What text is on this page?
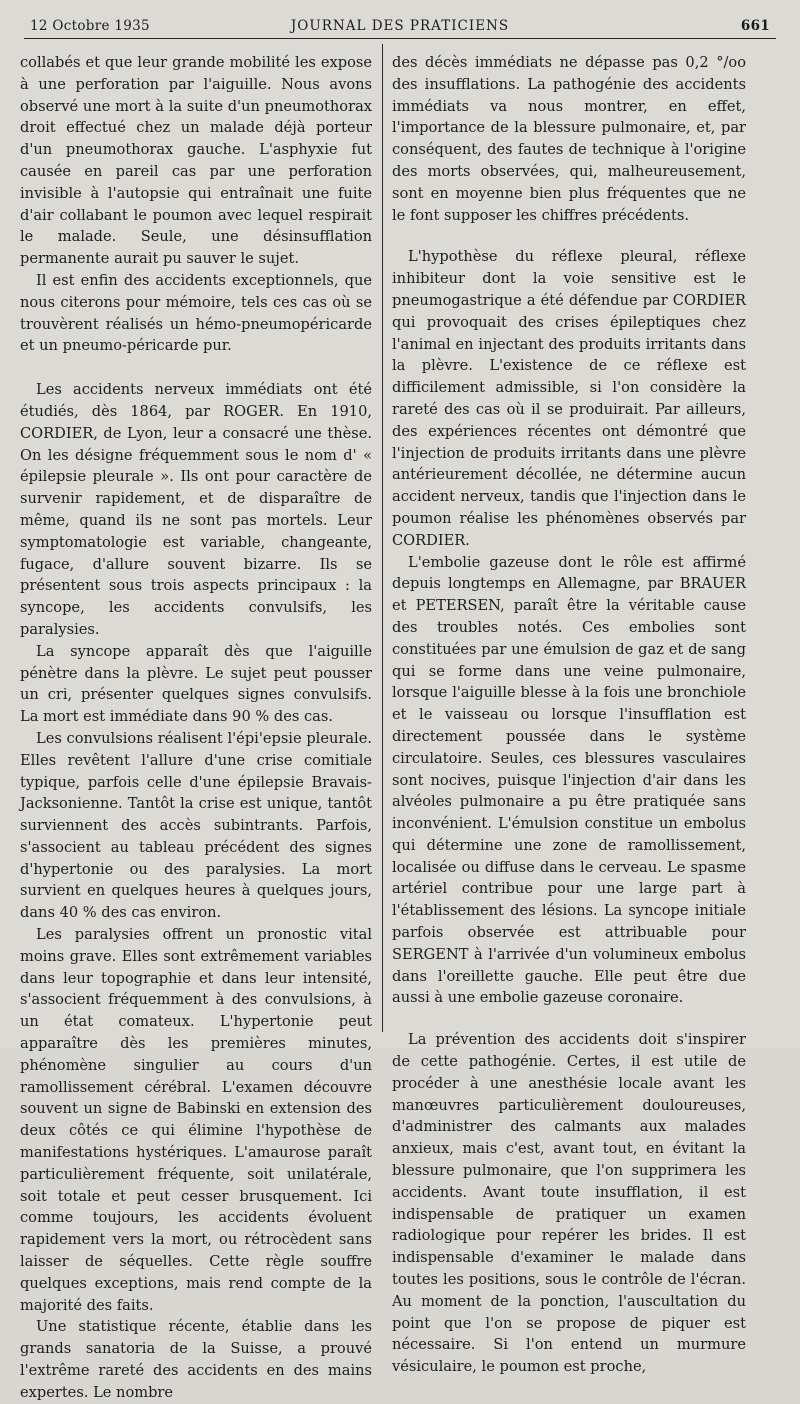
12 Octobre 1935	JOURNAL DES PRATICIENS	661

collabés et que leur grande mobilité les expose à une perforation par l'aiguille. Nous avons observé une mort à la suite d'un pneumothorax droit effectué chez un malade déjà porteur d'un pneumothorax gauche. L'asphyxie fut causée en pareil cas par une perforation invisible à l'autopsie qui entraînait une fuite d'air collabant le poumon avec lequel respirait le malade. Seule, une désinsufflation permanente aurait pu sauver le sujet.

Il est enfin des accidents exceptionnels, que nous citerons pour mémoire, tels ces cas où se trouvèrent réalisés un hémo-pneumopéricarde et un pneumo-péricarde pur.

Les accidents nerveux immédiats ont été étudiés, dès 1864, par ROGER. En 1910, CORDIER, de Lyon, leur a consacré une thèse. On les désigne fréquemment sous le nom d' « épilepsie pleurale ». Ils ont pour caractère de survenir rapidement, et de disparaître de même, quand ils ne sont pas mortels. Leur symptomatologie est variable, changeante, fugace, d'allure souvent bizarre. Ils se présentent sous trois aspects principaux : la syncope, les accidents convulsifs, les paralysies.

La syncope apparaît dès que l'aiguille pénètre dans la plèvre. Le sujet peut pousser un cri, présenter quelques signes convulsifs. La mort est immédiate dans 90 % des cas.

Les convulsions réalisent l'épi'epsie pleurale. Elles revêtent l'allure d'une crise comitiale typique, parfois celle d'une épilepsie Bravais-Jacksonienne. Tantôt la crise est unique, tantôt surviennent des accès subintrants. Parfois, s'associent au tableau précédent des signes d'hypertonie ou des paralysies. La mort survient en quelques heures à quelques jours, dans 40 % des cas environ.

Les paralysies offrent un pronostic vital moins grave. Elles sont extrêmement variables dans leur topographie et dans leur intensité, s'associent fréquemment à des convulsions, à un état comateux. L'hypertonie peut apparaître dès les premières minutes, phénomène singulier au cours d'un ramollissement cérébral. L'examen découvre souvent un signe de Babinski en extension des deux côtés ce qui élimine l'hypothèse de manifestations hystériques. L'amaurose paraît particulièrement fréquente, soit unilatérale, soit totale et peut cesser brusquement. Ici comme toujours, les accidents évoluent rapidement vers la mort, ou rétrocèdent sans laisser de séquelles. Cette règle souffre quelques exceptions, mais rend compte de la majorité des faits.

Une statistique récente, établie dans les grands sanatoria de la Suisse, a prouvé l'extrême rareté des accidents en des mains expertes. Le nombre

des décès immédiats ne dépasse pas 0,2 °/oo des insufflations. La pathogénie des accidents immédiats va nous montrer, en effet, l'importance de la blessure pulmonaire, et, par conséquent, des fautes de technique à l'origine des morts observées, qui, malheureusement, sont en moyenne bien plus fréquentes que ne le font supposer les chiffres précédents.

L'hypothèse du réflexe pleural, réflexe inhibiteur dont la voie sensitive est le pneumogastrique a été défendue par CORDIER qui provoquait des crises épileptiques chez l'animal en injectant des produits irritants dans la plèvre. L'existence de ce réflexe est difficilement admissible, si l'on considère la rareté des cas où il se produirait. Par ailleurs, des expériences récentes ont démontré que l'injection de produits irritants dans une plèvre antérieurement décollée, ne détermine aucun accident nerveux, tandis que l'injection dans le poumon réalise les phénomènes observés par CORDIER.

L'embolie gazeuse dont le rôle est affirmé depuis longtemps en Allemagne, par BRAUER et PETERSEN, paraît être la véritable cause des troubles notés. Ces embolies sont constituées par une émulsion de gaz et de sang qui se forme dans une veine pulmonaire, lorsque l'aiguille blesse à la fois une bronchiole et le vaisseau ou lorsque l'insufflation est directement poussée dans le système circulatoire. Seules, ces blessures vasculaires sont nocives, puisque l'injection d'air dans les alvéoles pulmonaire a pu être pratiquée sans inconvénient. L'émulsion constitue un embolus qui détermine une zone de ramollissement, localisée ou diffuse dans le cerveau. Le spasme artériel contribue pour une large part à l'établissement des lésions. La syncope initiale parfois observée est attribuable pour SERGENT à l'arrivée d'un volumineux embolus dans l'oreillette gauche. Elle peut être due aussi à une embolie gazeuse coronaire.

La prévention des accidents doit s'inspirer de cette pathogénie. Certes, il est utile de procéder à une anesthésie locale avant les manœuvres particulièrement douloureuses, d'administrer des calmants aux malades anxieux, mais c'est, avant tout, en évitant la blessure pulmonaire, que l'on supprimera les accidents. Avant toute insufflation, il est indispensable de pratiquer un examen radiologique pour repérer les brides. Il est indispensable d'examiner le malade dans toutes les positions, sous le contrôle de l'écran. Au moment de la ponction, l'auscultation du point que l'on se propose de piquer est nécessaire. Si l'on entend un murmure vésiculaire, le poumon est proche,
